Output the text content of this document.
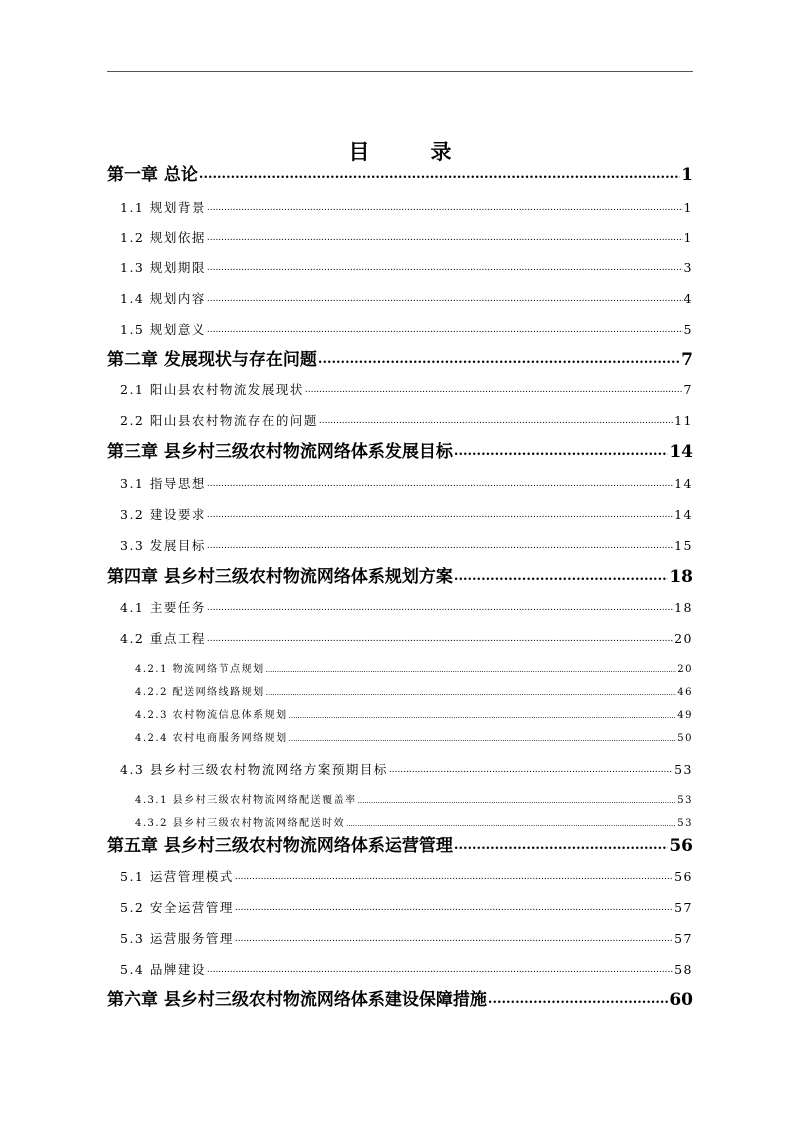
目　录
第一章 总论 .....	1
1.1 规划背景 .....	1
1.2 规划依据 .....	1
1.3 规划期限 .....	3
1.4 规划内容 .....	4
1.5 规划意义 .....	5
第二章 发展现状与存在问题 .....	7
2.1 阳山县农村物流发展现状 .....	7
2.2 阳山县农村物流存在的问题 .....	11
第三章 县乡村三级农村物流网络体系发展目标 .....	14
3.1 指导思想 .....	14
3.2 建设要求 .....	14
3.3 发展目标 .....	15
第四章 县乡村三级农村物流网络体系规划方案 .....	18
4.1 主要任务 .....	18
4.2 重点工程 .....	20
4.2.1 物流网络节点规划 .....	20
4.2.2 配送网络线路规划 .....	46
4.2.3 农村物流信息体系规划 .....	49
4.2.4 农村电商服务网络规划 .....	50
4.3 县乡村三级农村物流网络方案预期目标 .....	53
4.3.1 县乡村三级农村物流网络配送覆盖率 .....	53
4.3.2 县乡村三级农村物流网络配送时效 .....	53
第五章 县乡村三级农村物流网络体系运营管理 .....	56
5.1 运营管理模式 .....	56
5.2 安全运营管理 .....	57
5.3 运营服务管理 .....	57
5.4 品牌建设 .....	58
第六章 县乡村三级农村物流网络体系建设保障措施 .....	60
